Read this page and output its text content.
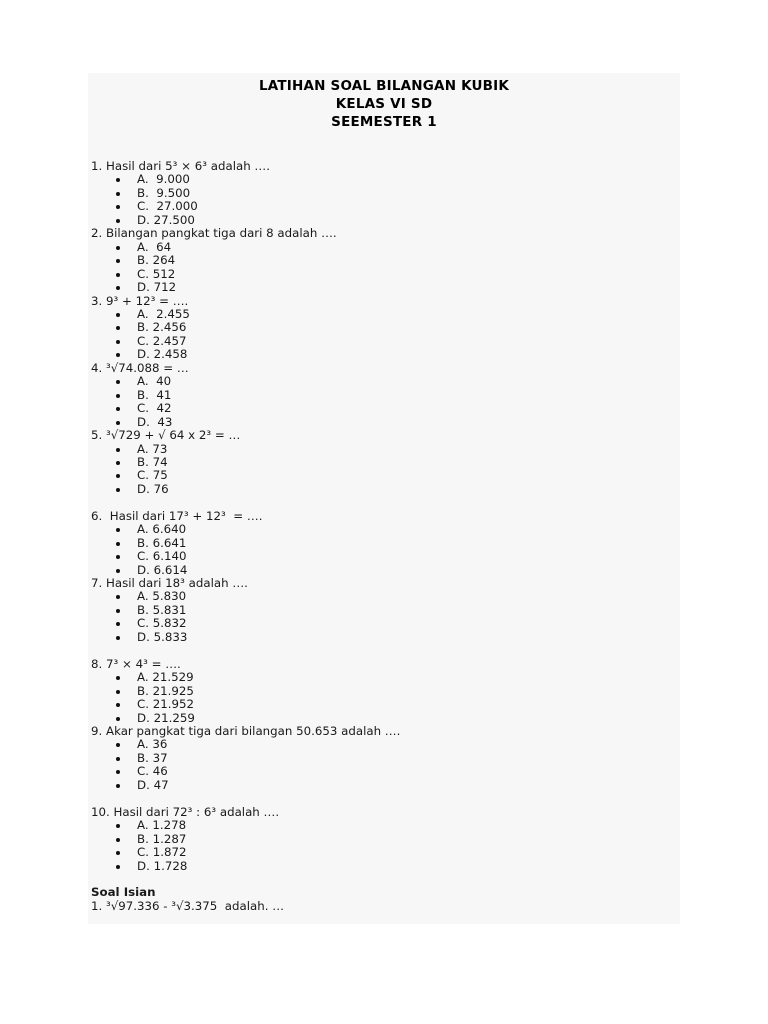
LATIHAN SOAL BILANGAN KUBIK
KELAS VI SD
SEEMESTER 1

1. Hasil dari 5³ × 6³ adalah ….

A.  9.000
B.  9.500
C.  27.000
D. 27.500

2. Bilangan pangkat tiga dari 8 adalah ….

A.  64
B. 264
C. 512
D. 712

3. 9³ + 12³ = ….

A.  2.455
B. 2.456
C. 2.457
D. 2.458

4. ³√74.088 = …

A.  40
B.  41
C.  42
D.  43

5. ³√729 + √ 64 x 2³ = …

A. 73
B. 74
C. 75
D. 76

6.  Hasil dari 17³ + 12³  = ….

A. 6.640
B. 6.641
C. 6.140
D. 6.614

7. Hasil dari 18³ adalah ….

A. 5.830
B. 5.831
C. 5.832
D. 5.833

8. 7³ × 4³ = ….

A. 21.529
B. 21.925
C. 21.952
D. 21.259

9. Akar pangkat tiga dari bilangan 50.653 adalah ….

A. 36
B. 37
C. 46
D. 47

10. Hasil dari 72³ : 6³ adalah ….

A. 1.278
B. 1.287
C. 1.872
D. 1.728

Soal Isian

1. ³√97.336 - ³√3.375  adalah. …
